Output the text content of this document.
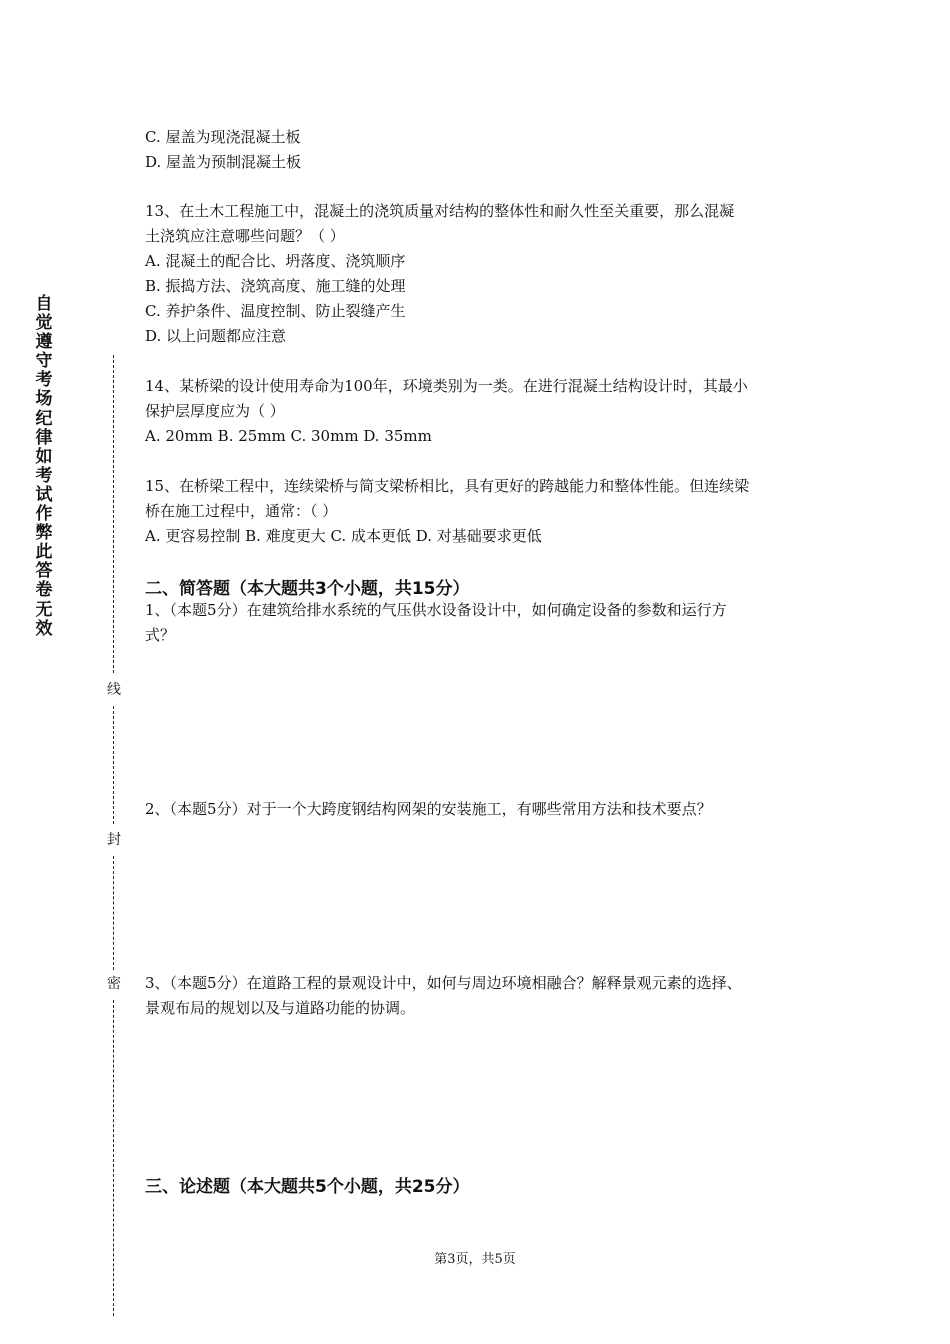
自觉遵守考场纪律如考试作弊此答卷无效
线
封
密
C. 屋盖为现浇混凝土板
D. 屋盖为预制混凝土板
13、在土木工程施工中，混凝土的浇筑质量对结构的整体性和耐久性至关重要，那么混凝
土浇筑应注意哪些问题？（ ）
A. 混凝土的配合比、坍落度、浇筑顺序
B. 振捣方法、浇筑高度、施工缝的处理
C. 养护条件、温度控制、防止裂缝产生
D. 以上问题都应注意
14、某桥梁的设计使用寿命为100年，环境类别为一类。在进行混凝土结构设计时，其最小
保护层厚度应为（ ）
A. 20mm B. 25mm C. 30mm D. 35mm
15、在桥梁工程中，连续梁桥与简支梁桥相比，具有更好的跨越能力和整体性能。但连续梁
桥在施工过程中，通常：（ ）
A. 更容易控制 B. 难度更大 C. 成本更低 D. 对基础要求更低
二、简答题（本大题共3个小题，共15分）
1、（本题5分）在建筑给排水系统的气压供水设备设计中，如何确定设备的参数和运行方
式？
2、（本题5分）对于一个大跨度钢结构网架的安装施工，有哪些常用方法和技术要点？
3、（本题5分）在道路工程的景观设计中，如何与周边环境相融合？解释景观元素的选择、
景观布局的规划以及与道路功能的协调。
三、论述题（本大题共5个小题，共25分）
第3页，共5页
